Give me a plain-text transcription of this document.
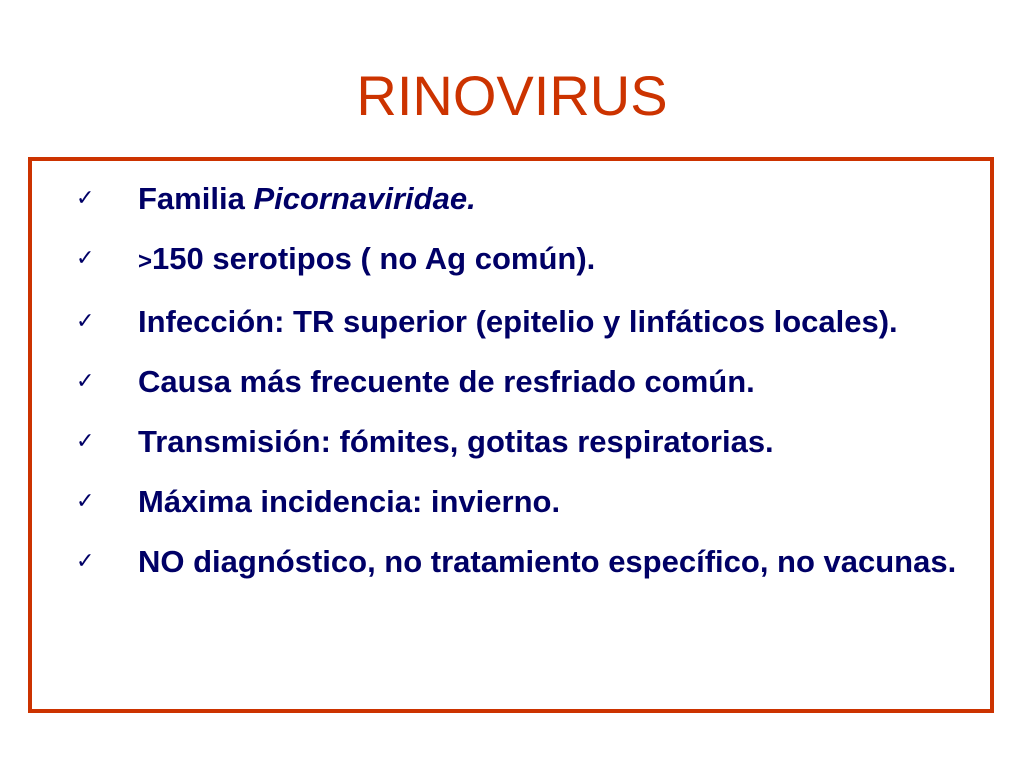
RINOVIRUS
✓ Familia Picornaviridae.
✓	>150 serotipos ( no Ag común).
✓ Infección: TR superior (epitelio y linfáticos locales).
✓ Causa más frecuente de resfriado común.
✓ Transmisión: fómites, gotitas respiratorias.
✓ Máxima incidencia: invierno.
✓ NO diagnóstico, no tratamiento específico, no vacunas.
